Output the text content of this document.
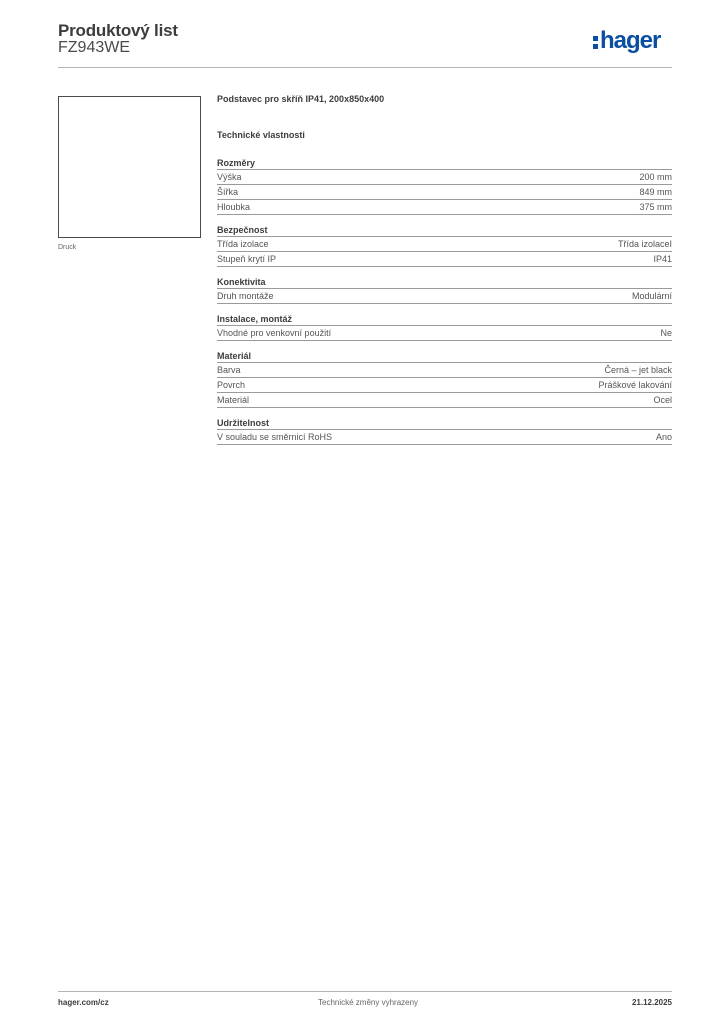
Produktový list
FZ943WE	hager
Druck
Podstavec pro skříň IP41, 200x850x400
Technické vlastnosti
Rozměry
Výška	200 mm
Šířka	849 mm
Hloubka	375 mm
Bezpečnost
Třída izolace	Třída izolaceI
Stupeň krytí IP	IP41
Konektivita
Druh montáže	Modulární
Instalace, montáž
Vhodné pro venkovní použití	Ne
Materiál
Barva	Černá – jet black
Povrch	Práškové lakování
Materiál	Ocel
Udržitelnost
V souladu se směrnicí RoHS	Ano
hager.com/cz	Technické změny vyhrazeny	21.12.2025
